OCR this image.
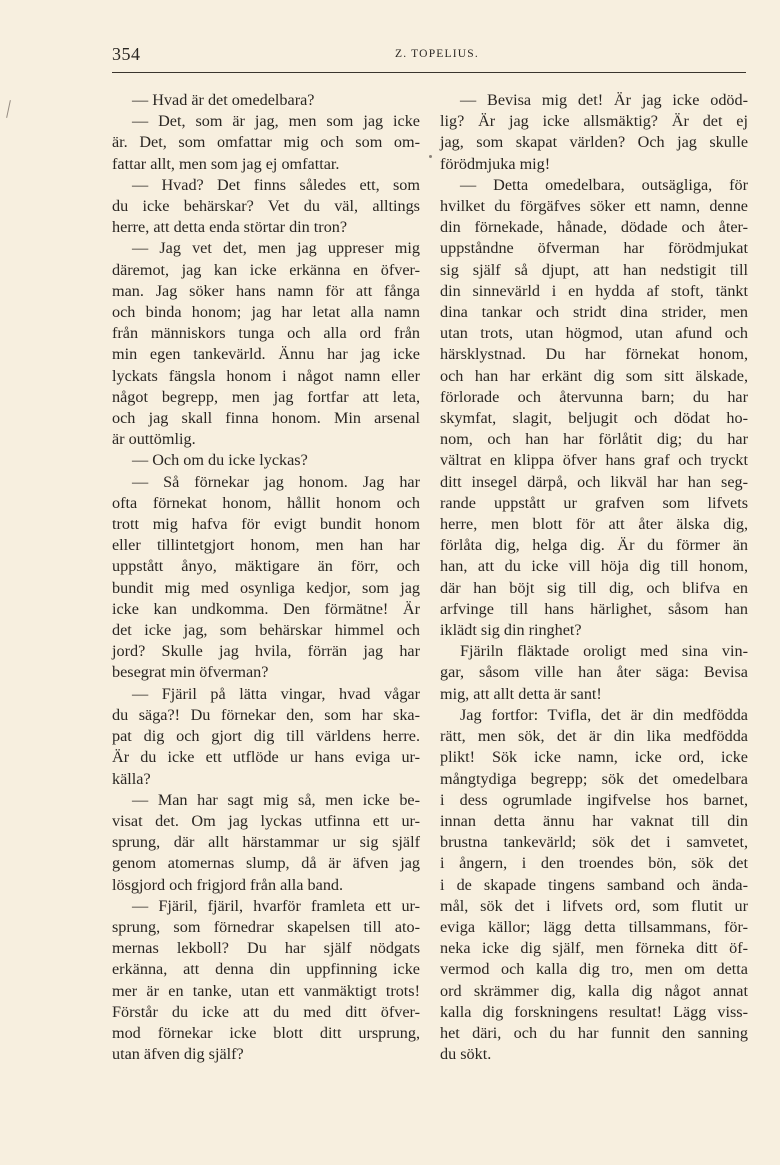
354	Z. TOPELIUS.
— Hvad är det omedelbara?
— Det, som är jag, men som jag icke
är. Det, som omfattar mig och som om-
fattar allt, men som jag ej omfattar.
— Hvad? Det finns således ett, som
du icke behärskar? Vet du väl, alltings
herre, att detta enda störtar din tron?
— Jag vet det, men jag uppreser mig
däremot, jag kan icke erkänna en öfver-
man. Jag söker hans namn för att fånga
och binda honom; jag har letat alla namn
från människors tunga och alla ord från
min egen tankevärld. Ännu har jag icke
lyckats fängsla honom i något namn eller
något begrepp, men jag fortfar att leta,
och jag skall finna honom. Min arsenal
är outtömlig.
— Och om du icke lyckas?
— Så förnekar jag honom. Jag har
ofta förnekat honom, hållit honom och
trott mig hafva för evigt bundit honom
eller tillintetgjort honom, men han har
uppstått ånyo, mäktigare än förr, och
bundit mig med osynliga kedjor, som jag
icke kan undkomma. Den förmätne! Är
det icke jag, som behärskar himmel och
jord? Skulle jag hvila, förrän jag har
besegrat min öfverman?
— Fjäril på lätta vingar, hvad vågar
du säga?! Du förnekar den, som har ska-
pat dig och gjort dig till världens herre.
Är du icke ett utflöde ur hans eviga ur-
källa?
— Man har sagt mig så, men icke be-
visat det. Om jag lyckas utfinna ett ur-
sprung, där allt härstammar ur sig själf
genom atomernas slump, då är äfven jag
lösgjord och frigjord från alla band.
— Fjäril, fjäril, hvarför framleta ett ur-
sprung, som förnedrar skapelsen till ato-
mernas lekboll? Du har själf nödgats
erkänna, att denna din uppfinning icke
mer är en tanke, utan ett vanmäktigt trots!
Förstår du icke att du med ditt öfver-
mod förnekar icke blott ditt ursprung,
utan äfven dig själf?
— Bevisa mig det! Är jag icke odöd-
lig? Är jag icke allsmäktig? Är det ej
jag, som skapat världen? Och jag skulle
förödmjuka mig!
— Detta omedelbara, outsägliga, för
hvilket du förgäfves söker ett namn, denne
din förnekade, hånade, dödade och åter-
uppståndne öfverman har förödmjukat
sig själf så djupt, att han nedstigit till
din sinnevärld i en hydda af stoft, tänkt
dina tankar och stridt dina strider, men
utan trots, utan högmod, utan afund och
härsklystnad. Du har förnekat honom,
och han har erkänt dig som sitt älskade,
förlorade och återvunna barn; du har
skymfat, slagit, beljugit och dödat ho-
nom, och han har förlåtit dig; du har
vältrat en klippa öfver hans graf och tryckt
ditt insegel därpå, och likväl har han seg-
rande uppstått ur grafven som lifvets
herre, men blott för att åter älska dig,
förlåta dig, helga dig. Är du förmer än
han, att du icke vill höja dig till honom,
där han böjt sig till dig, och blifva en
arfvinge till hans härlighet, såsom han
iklädt sig din ringhet?
Fjäriln fläktade oroligt med sina vin-
gar, såsom ville han åter säga: Bevisa
mig, att allt detta är sant!
Jag fortfor: Tvifla, det är din medfödda
rätt, men sök, det är din lika medfödda
plikt! Sök icke namn, icke ord, icke
mångtydiga begrepp; sök det omedelbara
i dess ogrumlade ingifvelse hos barnet,
innan detta ännu har vaknat till din
brustna tankevärld; sök det i samvetet,
i ångern, i den troendes bön, sök det
i de skapade tingens samband och ända-
mål, sök det i lifvets ord, som flutit ur
eviga källor; lägg detta tillsammans, för-
neka icke dig själf, men förneka ditt öf-
vermod och kalla dig tro, men om detta
ord skrämmer dig, kalla dig något annat
kalla dig forskningens resultat! Lägg viss-
het däri, och du har funnit den sanning
du sökt.
